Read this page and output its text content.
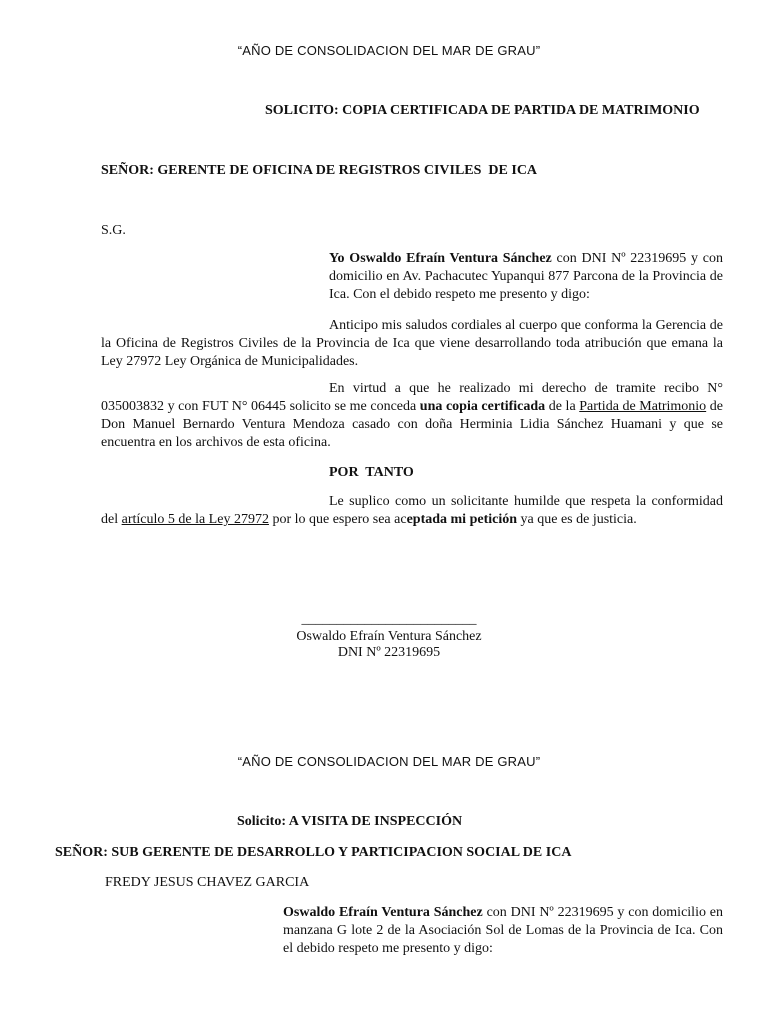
“AÑO DE CONSOLIDACION DEL MAR DE GRAU”
SOLICITO: COPIA CERTIFICADA DE PARTIDA DE MATRIMONIO
SEÑOR: GERENTE DE OFICINA DE REGISTROS CIVILES  DE ICA
S.G.
Yo Oswaldo Efraín Ventura Sánchez con DNI Nº 22319695 y con domicilio en Av. Pachacutec Yupanqui 877 Parcona de la Provincia de Ica. Con el debido respeto me presento y digo:
Anticipo mis saludos cordiales al cuerpo que conforma la Gerencia de la Oficina de Registros Civiles de la Provincia de Ica que viene desarrollando toda atribución que emana la Ley 27972 Ley Orgánica de Municipalidades.
En virtud a que he realizado mi derecho de tramite recibo N° 035003832 y con FUT N° 06445 solicito se me conceda una copia certificada de la Partida de Matrimonio de Don Manuel Bernardo Ventura Mendoza casado con doña Herminia Lidia Sánchez Huamani y que se encuentra en los archivos de esta oficina.
POR  TANTO
Le suplico como un solicitante humilde que respeta la conformidad del artículo 5 de la Ley 27972 por lo que espero sea aceptada mi petición ya que es de justicia.
_________________________
Oswaldo Efraín Ventura Sánchez
DNI Nº 22319695
“AÑO DE CONSOLIDACION DEL MAR DE GRAU”
Solicito: A VISITA DE INSPECCIÓN
SEÑOR: SUB GERENTE DE DESARROLLO Y PARTICIPACION SOCIAL DE ICA
FREDY JESUS CHAVEZ GARCIA
Oswaldo Efraín Ventura Sánchez con DNI Nº 22319695 y con domicilio en manzana G lote 2 de la Asociación Sol de Lomas de la Provincia de Ica. Con el debido respeto me presento y digo:
